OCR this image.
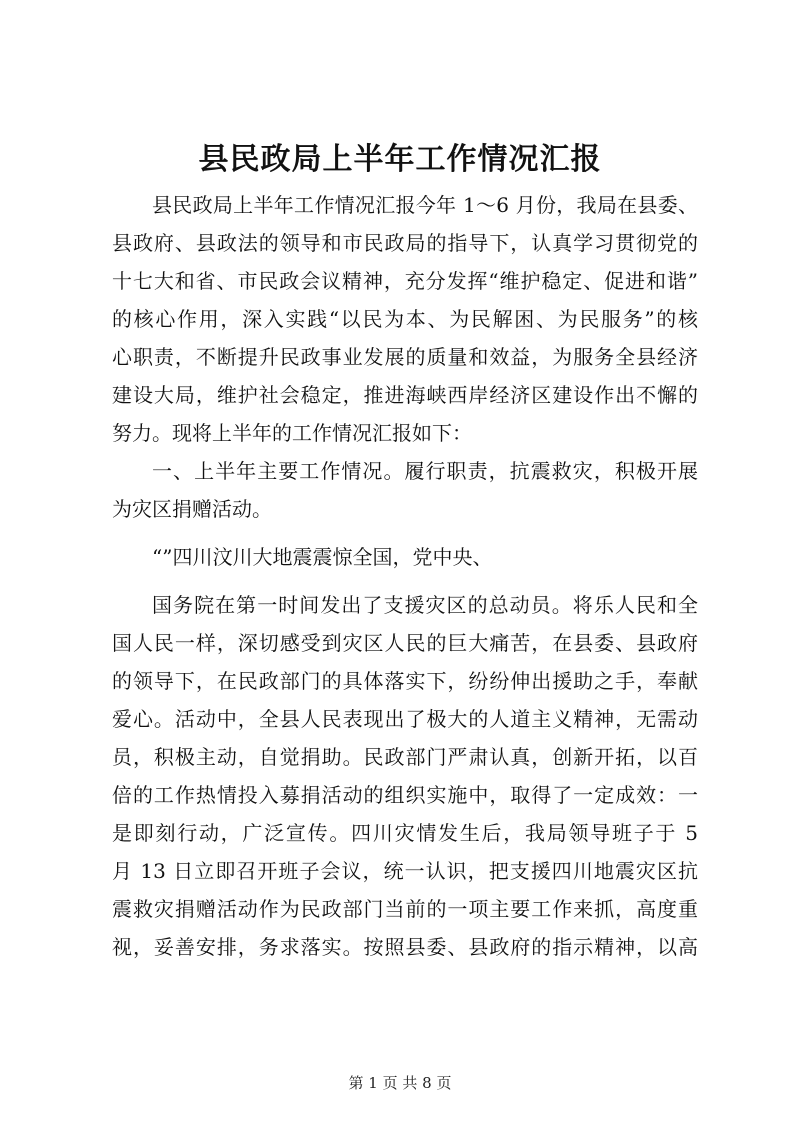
县民政局上半年工作情况汇报
县民政局上半年工作情况汇报今年 1～6 月份，我局在县委、
县政府、县政法的领导和市民政局的指导下，认真学习贯彻党的
十七大和省、市民政会议精神，充分发挥“维护稳定、促进和谐”
的核心作用，深入实践“以民为本、为民解困、为民服务”的核
心职责，不断提升民政事业发展的质量和效益，为服务全县经济
建设大局，维护社会稳定，推进海峡西岸经济区建设作出不懈的
努力。现将上半年的工作情况汇报如下：
一、上半年主要工作情况。履行职责，抗震救灾，积极开展
为灾区捐赠活动。
“”四川汶川大地震震惊全国，党中央、
国务院在第一时间发出了支援灾区的总动员。将乐人民和全
国人民一样，深切感受到灾区人民的巨大痛苦，在县委、县政府
的领导下，在民政部门的具体落实下，纷纷伸出援助之手，奉献
爱心。活动中，全县人民表现出了极大的人道主义精神，无需动
员，积极主动，自觉捐助。民政部门严肃认真，创新开拓，以百
倍的工作热情投入募捐活动的组织实施中，取得了一定成效：一
是即刻行动，广泛宣传。四川灾情发生后，我局领导班子于 5
月 13 日立即召开班子会议，统一认识，把支援四川地震灾区抗
震救灾捐赠活动作为民政部门当前的一项主要工作来抓，高度重
视，妥善安排，务求落实。按照县委、县政府的指示精神，以高
第 1 页 共 8 页
